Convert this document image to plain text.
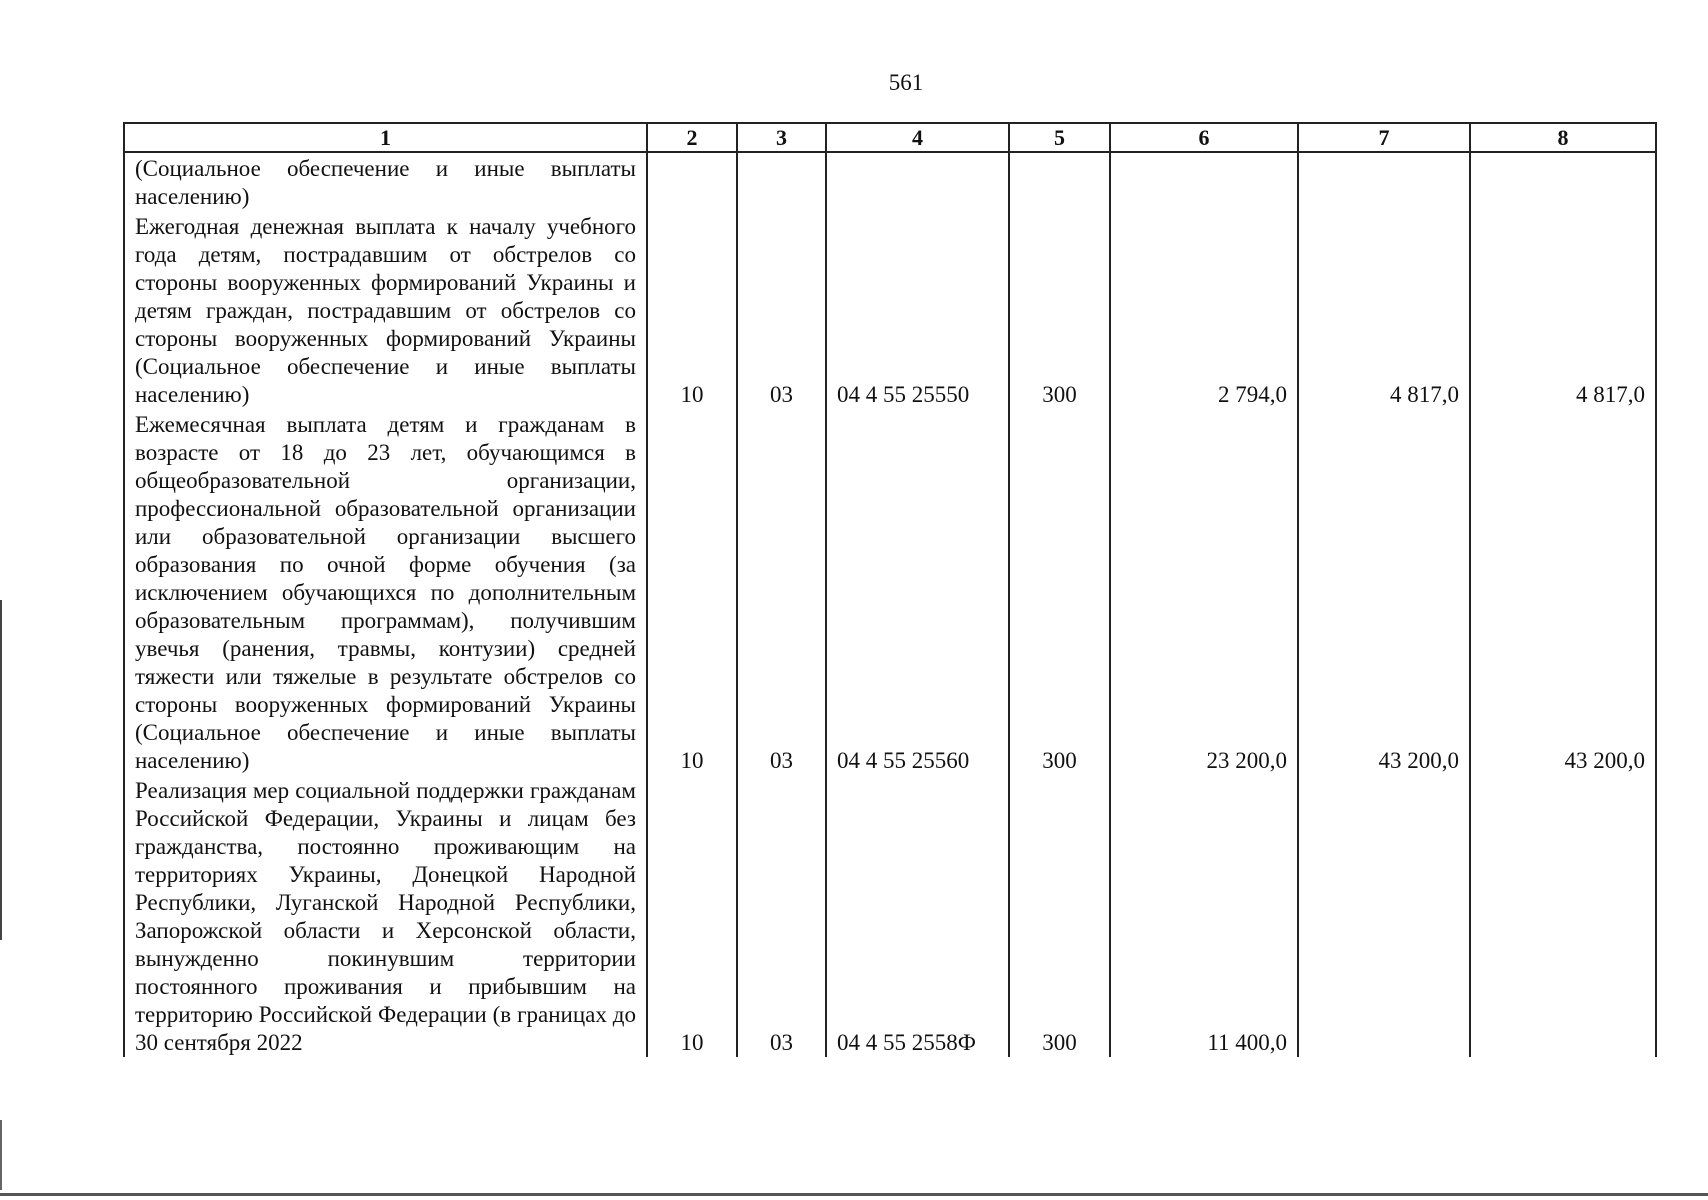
561
1	2	3	4	5	6	7	8
(Социальное обеспечение и иные выплаты населению)							
Ежегодная денежная выплата к началу учебного года детям, пострадавшим от обстрелов со стороны вооруженных формирований Украины и детям граждан, пострадавшим от обстрелов со стороны вооруженных формирований Украины (Социальное обеспечение и иные выплаты населению)	10	03	04 4 55 25550	300	2 794,0	4 817,0	4 817,0
Ежемесячная выплата детям и гражданам в возрасте от 18 до 23 лет, обучающимся в общеобразовательной организации, профессиональной образовательной организации или образовательной организации высшего образования по очной форме обучения (за исключением обучающихся по дополнительным образовательным программам), получившим увечья (ранения, травмы, контузии) средней тяжести или тяжелые в результате обстрелов со стороны вооруженных формирований Украины (Социальное обеспечение и иные выплаты населению)	10	03	04 4 55 25560	300	23 200,0	43 200,0	43 200,0
Реализация мер социальной поддержки гражданам Российской Федерации, Украины и лицам без гражданства, постоянно проживающим на территориях Украины, Донецкой Народной Республики, Луганской Народной Республики, Запорожской области и Херсонской области, вынужденно покинувшим территории постоянного проживания и прибывшим на территорию Российской Федерации (в границах до 30 сентября 2022	10	03	04 4 55 2558Ф	300	11 400,0		
